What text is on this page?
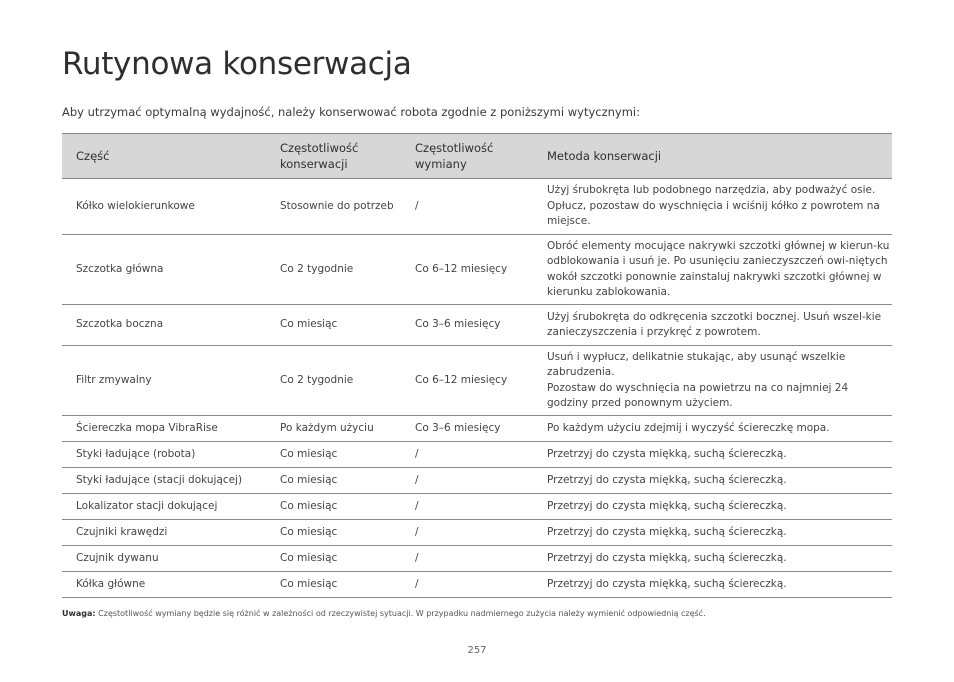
Rutynowa konserwacja

Aby utrzymać optymalną wydajność, należy konserwować robota zgodnie z poniższymi wytycznymi:

Część	Częstotliwość konserwacji	Częstotliwość wymiany	Metoda konserwacji
Kółko wielokierunkowe	Stosownie do potrzeb	/	Użyj śrubokręta lub podobnego narzędzia, aby podważyć osie. Opłucz, pozostaw do wyschnięcia i wciśnij kółko z powrotem na miejsce.
Szczotka główna	Co 2 tygodnie	Co 6–12 miesięcy	Obróć elementy mocujące nakrywki szczotki głównej w kierun-ku odblokowania i usuń je. Po usunięciu zanieczyszczeń owi-niętych wokół szczotki ponownie zainstaluj nakrywki szczotki głównej w kierunku zablokowania.
Szczotka boczna	Co miesiąc	Co 3–6 miesięcy	Użyj śrubokręta do odkręcenia szczotki bocznej. Usuń wszel-kie zanieczyszczenia i przykręć z powrotem.
Filtr zmywalny	Co 2 tygodnie	Co 6–12 miesięcy	Usuń i wypłucz, delikatnie stukając, aby usunąć wszelkie zabrudzenia.
Pozostaw do wyschnięcia na powietrzu na co najmniej 24 godziny przed ponownym użyciem.
Ściereczka mopa VibraRise	Po każdym użyciu	Co 3–6 miesięcy	Po każdym użyciu zdejmij i wyczyść ściereczkę mopa.
Styki ładujące (robota)	Co miesiąc	/	Przetrzyj do czysta miękką, suchą ściereczką.
Styki ładujące (stacji dokującej)	Co miesiąc	/	Przetrzyj do czysta miękką, suchą ściereczką.
Lokalizator stacji dokującej	Co miesiąc	/	Przetrzyj do czysta miękką, suchą ściereczką.
Czujniki krawędzi	Co miesiąc	/	Przetrzyj do czysta miękką, suchą ściereczką.
Czujnik dywanu	Co miesiąc	/	Przetrzyj do czysta miękką, suchą ściereczką.
Kółka główne	Co miesiąc	/	Przetrzyj do czysta miękką, suchą ściereczką.

Uwaga: Częstotliwość wymiany będzie się różnić w zależności od rzeczywistej sytuacji. W przypadku nadmiernego zużycia należy wymienić odpowiednią część.

257
